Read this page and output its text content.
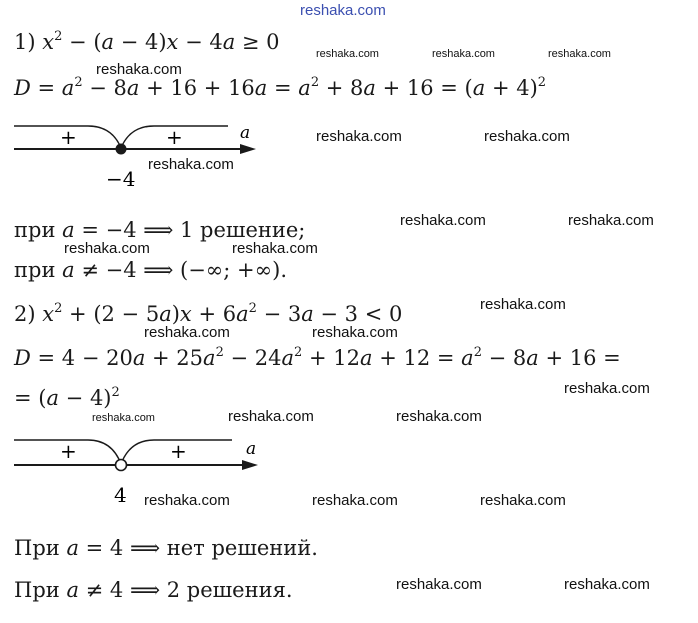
reshaka.com
reshaka.com	reshaka.com	reshaka.com
reshaka.com
reshaka.com	reshaka.com
reshaka.com
reshaka.com	reshaka.com
reshaka.com	reshaka.com
reshaka.com
reshaka.com	reshaka.com
reshaka.com
reshaka.com	reshaka.com	reshaka.com
reshaka.com	reshaka.com	reshaka.com
reshaka.com	reshaka.com
1) $x^2 - (a - 4)x - 4a \ge 0$
$D = a^2 - 8a + 16 + 16a = a^2 + 8a + 16 = (a + 4)^2$
+	+	a
−4
при a = −4 ⟹ 1 решение;
при a ≠ −4 ⟹ (−∞; +∞).
2) $x^2 + (2 - 5a)x + 6a^2 - 3a - 3 < 0$
$D = 4 - 20a + 25a^2 - 24a^2 + 12a + 12 = a^2 - 8a + 16$ =
= $(a - 4)^2$
+	+	a
4
При a = 4 ⟹ нет решений.
При a ≠ 4 ⟹ 2 решения.
